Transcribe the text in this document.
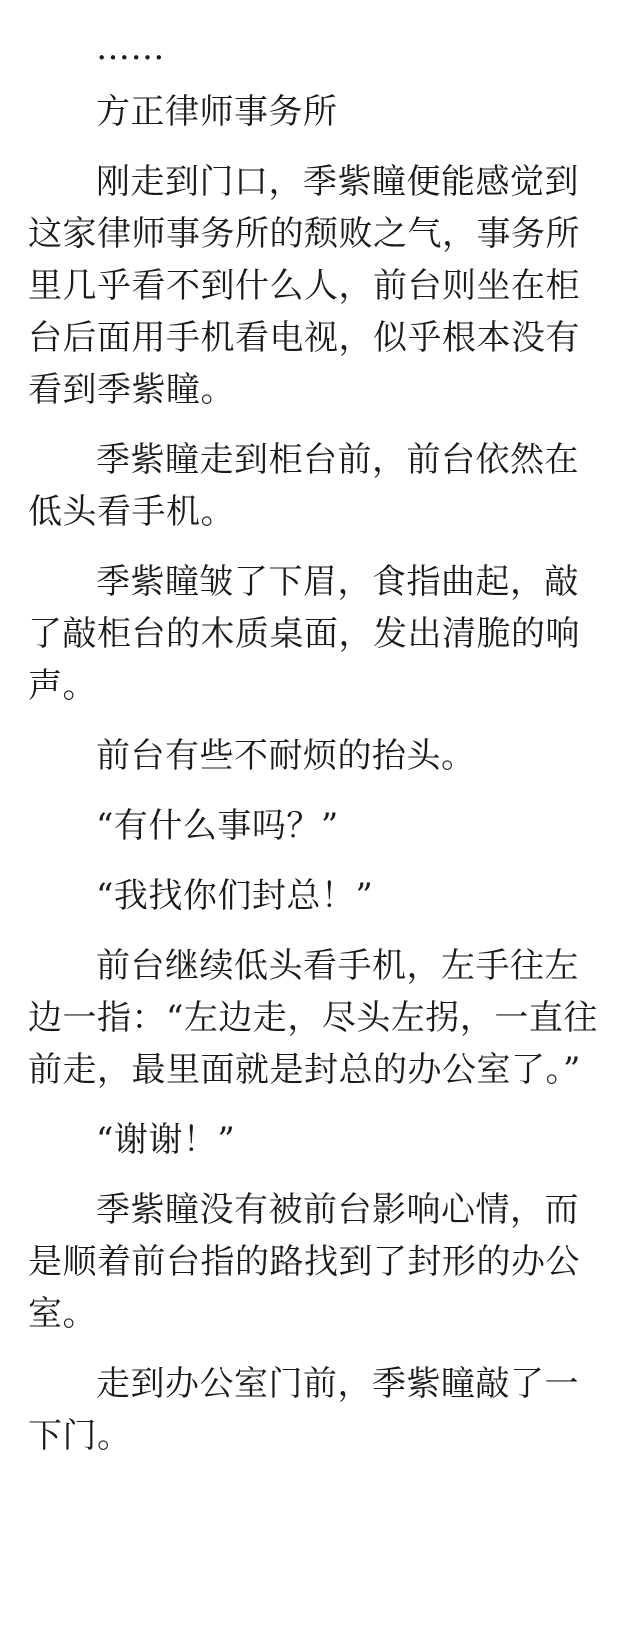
……

方正律师事务所

刚走到门口，季紫瞳便能感觉到这家律师事务所的颓败之气，事务所里几乎看不到什么人，前台则坐在柜台后面用手机看电视，似乎根本没有看到季紫瞳。

季紫瞳走到柜台前，前台依然在低头看手机。

季紫瞳皱了下眉，食指曲起，敲了敲柜台的木质桌面，发出清脆的响声。

前台有些不耐烦的抬头。

“有什么事吗？”

“我找你们封总！”

前台继续低头看手机，左手往左边一指：“左边走，尽头左拐，一直往前走，最里面就是封总的办公室了。”

“谢谢！”

季紫瞳没有被前台影响心情，而是顺着前台指的路找到了封形的办公室。

走到办公室门前，季紫瞳敲了一下门。
